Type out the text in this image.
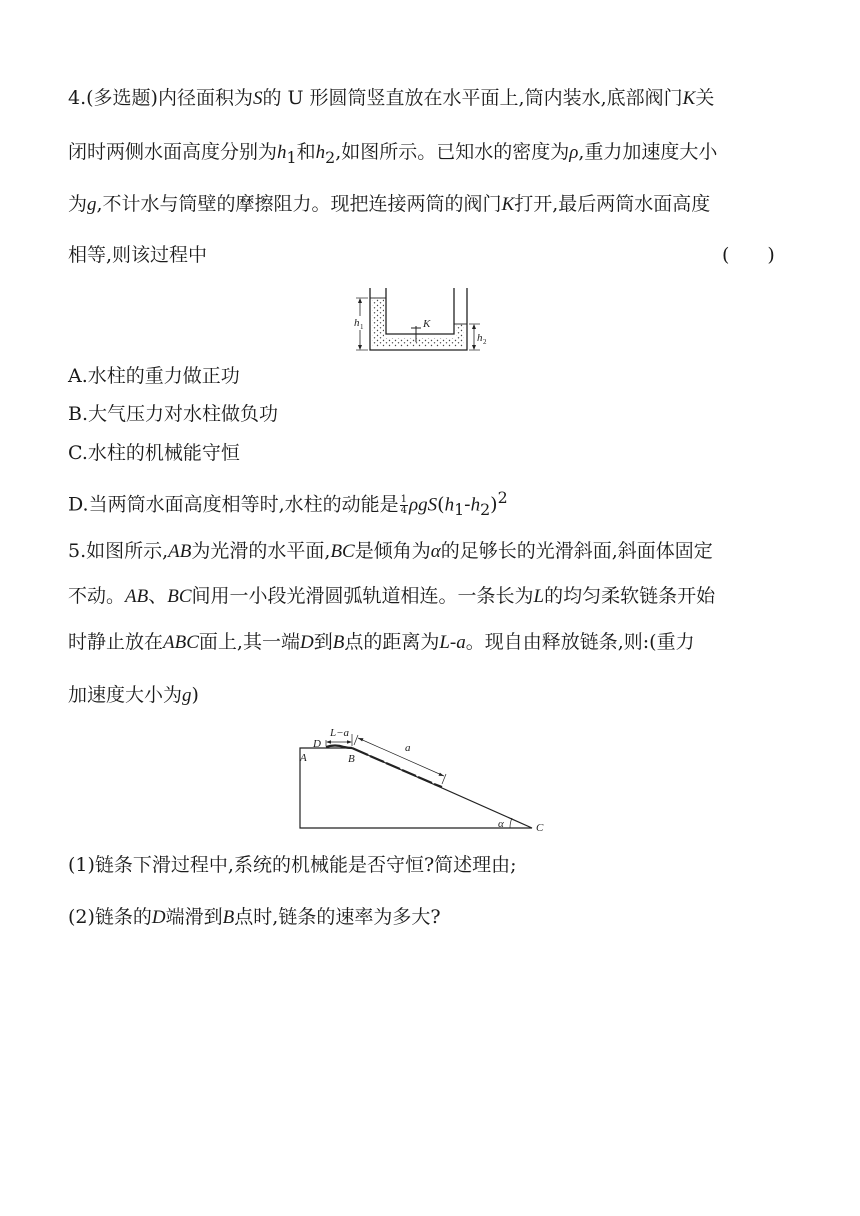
4.(多选题)内径面积为S的 U 形圆筒竖直放在水平面上,筒内装水,底部阀门K关
闭时两侧水面高度分别为$h_1$和$h_2$,如图所示。已知水的密度为ρ,重力加速度大小
为g,不计水与筒壁的摩擦阻力。现把连接两筒的阀门K打开,最后两筒水面高度
相等,则该过程中	(　　)
K
h 1
h 2
A.水柱的重力做正功
B.大气压力对水柱做负功
C.水柱的机械能守恒
D.当两筒水面高度相等时,水柱的动能是 $\frac{1}{4} \rho gS(h_1-h_2)^2$
5.如图所示,AB为光滑的水平面,BC是倾角为α的足够长的光滑斜面,斜面体固定
不动。AB、BC间用一小段光滑圆弧轨道相连。一条长为L的均匀柔软链条开始
时静止放在ABC面上,其一端D到B点的距离为L-a。现自由释放链条,则:(重力
加速度大小为g)
L−a
a
D
A	B
C
α
(1)链条下滑过程中,系统的机械能是否守恒?简述理由;
(2)链条的D端滑到B点时,链条的速率为多大?
